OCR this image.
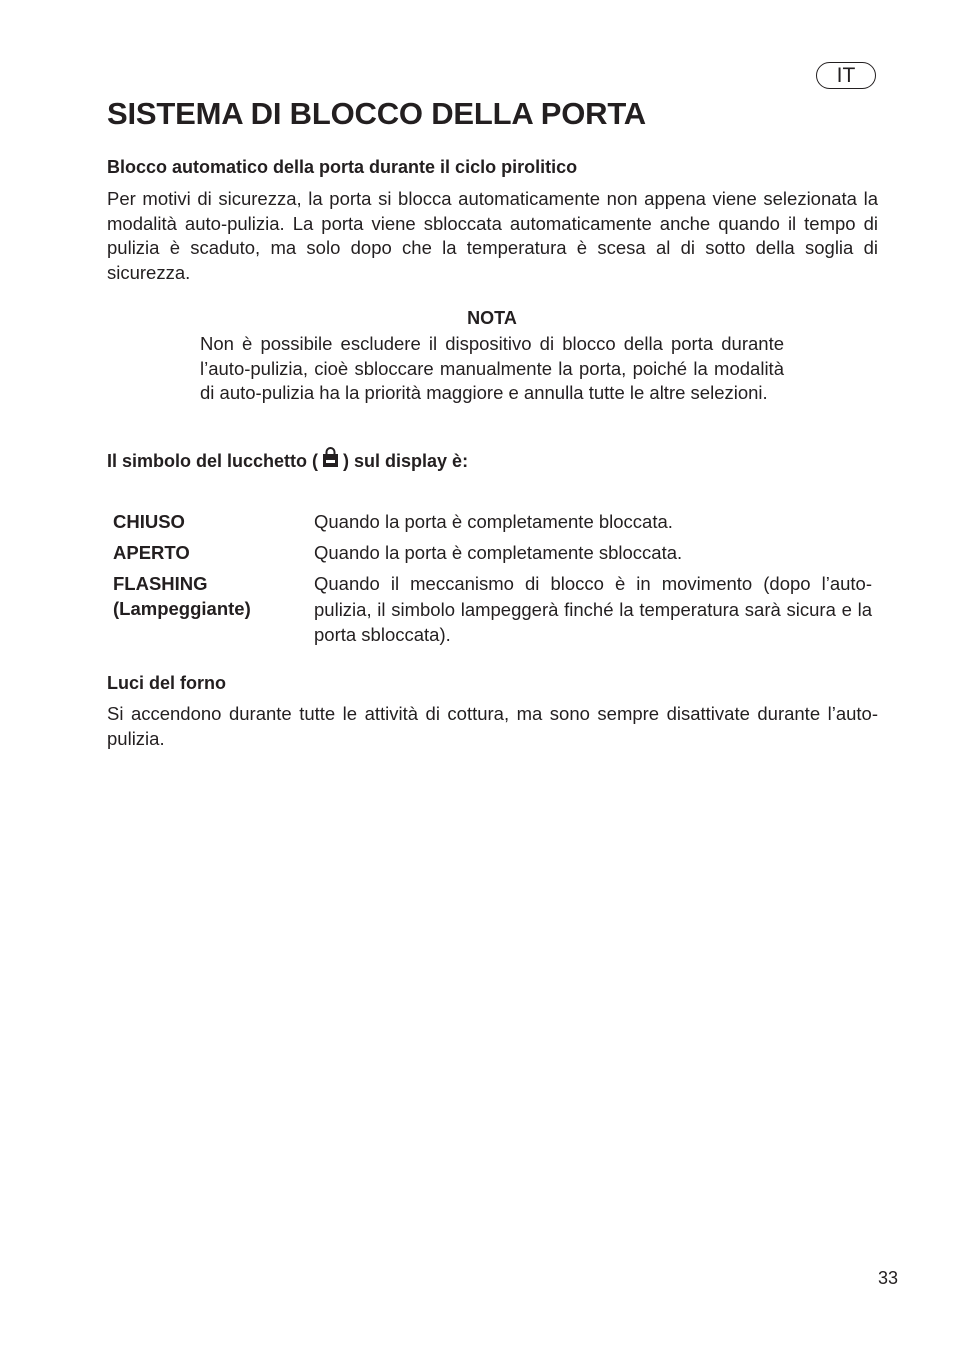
IT
SISTEMA DI BLOCCO DELLA PORTA
Blocco automatico della porta durante il ciclo pirolitico

Per motivi di sicurezza, la porta si blocca automaticamente non appena viene selezionata la modalità auto-pulizia. La porta viene sbloccata automaticamente anche quando il tempo di pulizia è scaduto, ma solo dopo che la temperatura è scesa al di sotto della soglia di sicurezza.

NOTA

Non è possibile escludere il dispositivo di blocco della porta durante l’auto-pulizia, cioè sbloccare manualmente la porta, poiché la modalità di auto-pulizia ha la priorità maggiore e annulla tutte le altre selezioni.

Il simbolo del lucchetto ( ) sul display è:

CHIUSO	Quando la porta è completamente bloccata.

APERTO	Quando la porta è completamente sbloccata.

FLASHING
(Lampeggiante)

Quando il meccanismo di blocco è in movimento (dopo l’auto-pulizia, il simbolo lampeggerà finché la temperatura sarà sicura e la porta sbloccata).

Luci del forno

Si accendono durante tutte le attività di cottura, ma sono sempre disattivate durante l’auto-pulizia.

33
